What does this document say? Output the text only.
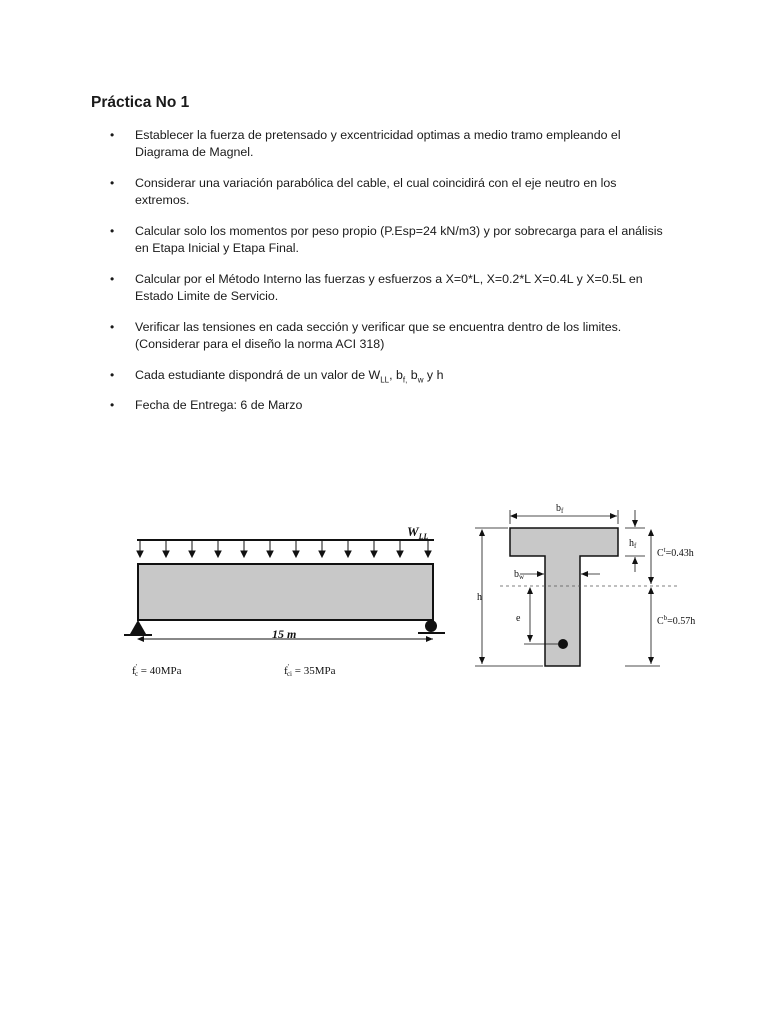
Práctica No 1
•	Establecer la fuerza de pretensado y excentricidad optimas a medio tramo empleando el
Diagrama de Magnel.
•	Considerar una variación parabólica del cable, el cual coincidirá con el eje neutro en los
extremos.
•	Calcular solo los momentos por peso propio (P.Esp=24 kN/m3) y por sobrecarga para el análisis
en Etapa Inicial y Etapa Final.
•	Calcular por el Método Interno las fuerzas y esfuerzos a X=0*L, X=0.2*L X=0.4L y X=0.5L en
Estado Limite de Servicio.
•	Verificar las tensiones en cada sección y verificar que se encuentra dentro de los limites.
(Considerar para el diseño la norma ACI 318)
•	Cada estudiante dispondrá de un valor de $W_{LL}$, $b_{f,}$ $b_w$ y h
•	Fecha de Entrega: 6 de Marzo
$W_{LL}$
15 m
f' c = 40MPa	f' ci = 35MPa
$b_f$
$h_f$
$b_w$
h
e
$C^t=0.43h$
$C^b=0.57h$
